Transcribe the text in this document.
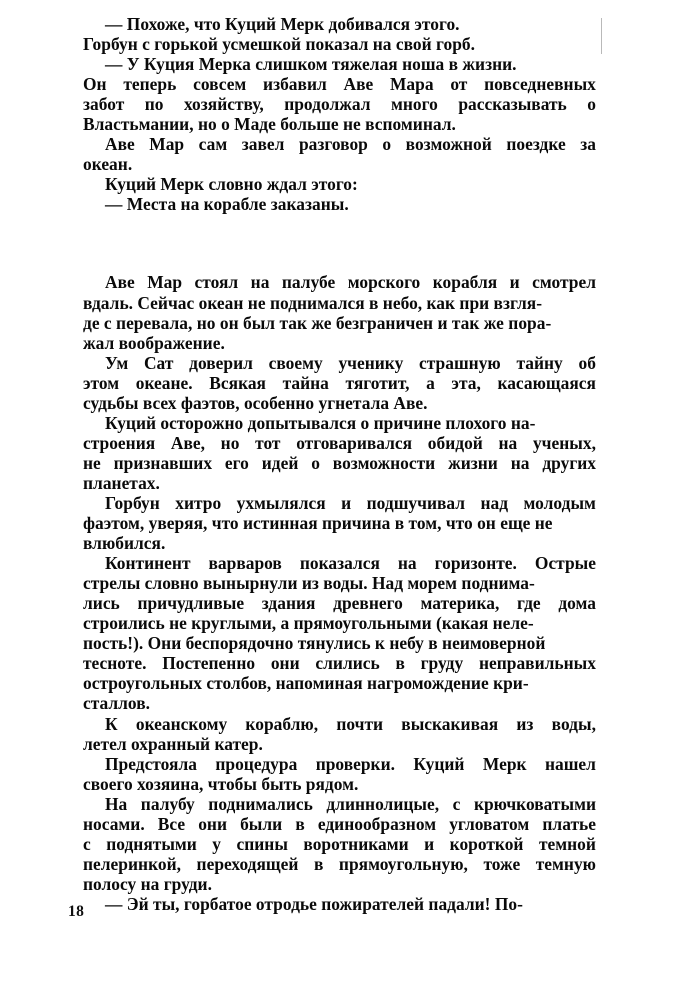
— Похоже, что Куций Мерк добивался этого.
Горбун с горькой усмешкой показал на свой горб.
— У Куция Мерка слишком тяжелая ноша в жизни.
Он теперь совсем избавил Аве Мара от повседневных
забот по хозяйству, продолжал много рассказывать о
Властьмании, но о Маде больше не вспоминал.
Аве Мар сам завел разговор о возможной поездке за
океан.
Куций Мерк словно ждал этого:
— Места на корабле заказаны.
Аве Мар стоял на палубе морского корабля и смотрел
вдаль. Сейчас океан не поднимался в небо, как при взгля-
де с перевала, но он был так же безграничен и так же пора-
жал воображение.
Ум Сат доверил своему ученику страшную тайну об
этом океане. Всякая тайна тяготит, а эта, касающаяся
судьбы всех фаэтов, особенно угнетала Аве.
Куций осторожно допытывался о причине плохого на-
строения Аве, но тот отговаривался обидой на ученых,
не признавших его идей о возможности жизни на других
планетах.
Горбун хитро ухмылялся и подшучивал над молодым
фаэтом, уверяя, что истинная причина в том, что он еще не
влюбился.
Континент варваров показался на горизонте. Острые
стрелы словно вынырнули из воды. Над морем поднима-
лись причудливые здания древнего материка, где дома
строились не круглыми, а прямоугольными (какая неле-
пость!). Они беспорядочно тянулись к небу в неимоверной
тесноте. Постепенно они слились в груду неправильных
остроугольных столбов, напоминая нагромождение кри-
сталлов.
К океанскому кораблю, почти выскакивая из воды,
летел охранный катер.
Предстояла процедура проверки. Куций Мерк нашел
своего хозяина, чтобы быть рядом.
На палубу поднимались длиннолицые, с крючковатыми
носами. Все они были в единообразном угловатом платье
с поднятыми у спины воротниками и короткой темной
пелеринкой, переходящей в прямоугольную, тоже темную
полосу на груди.
— Эй ты, горбатое отродье пожирателей падали! По-
18
